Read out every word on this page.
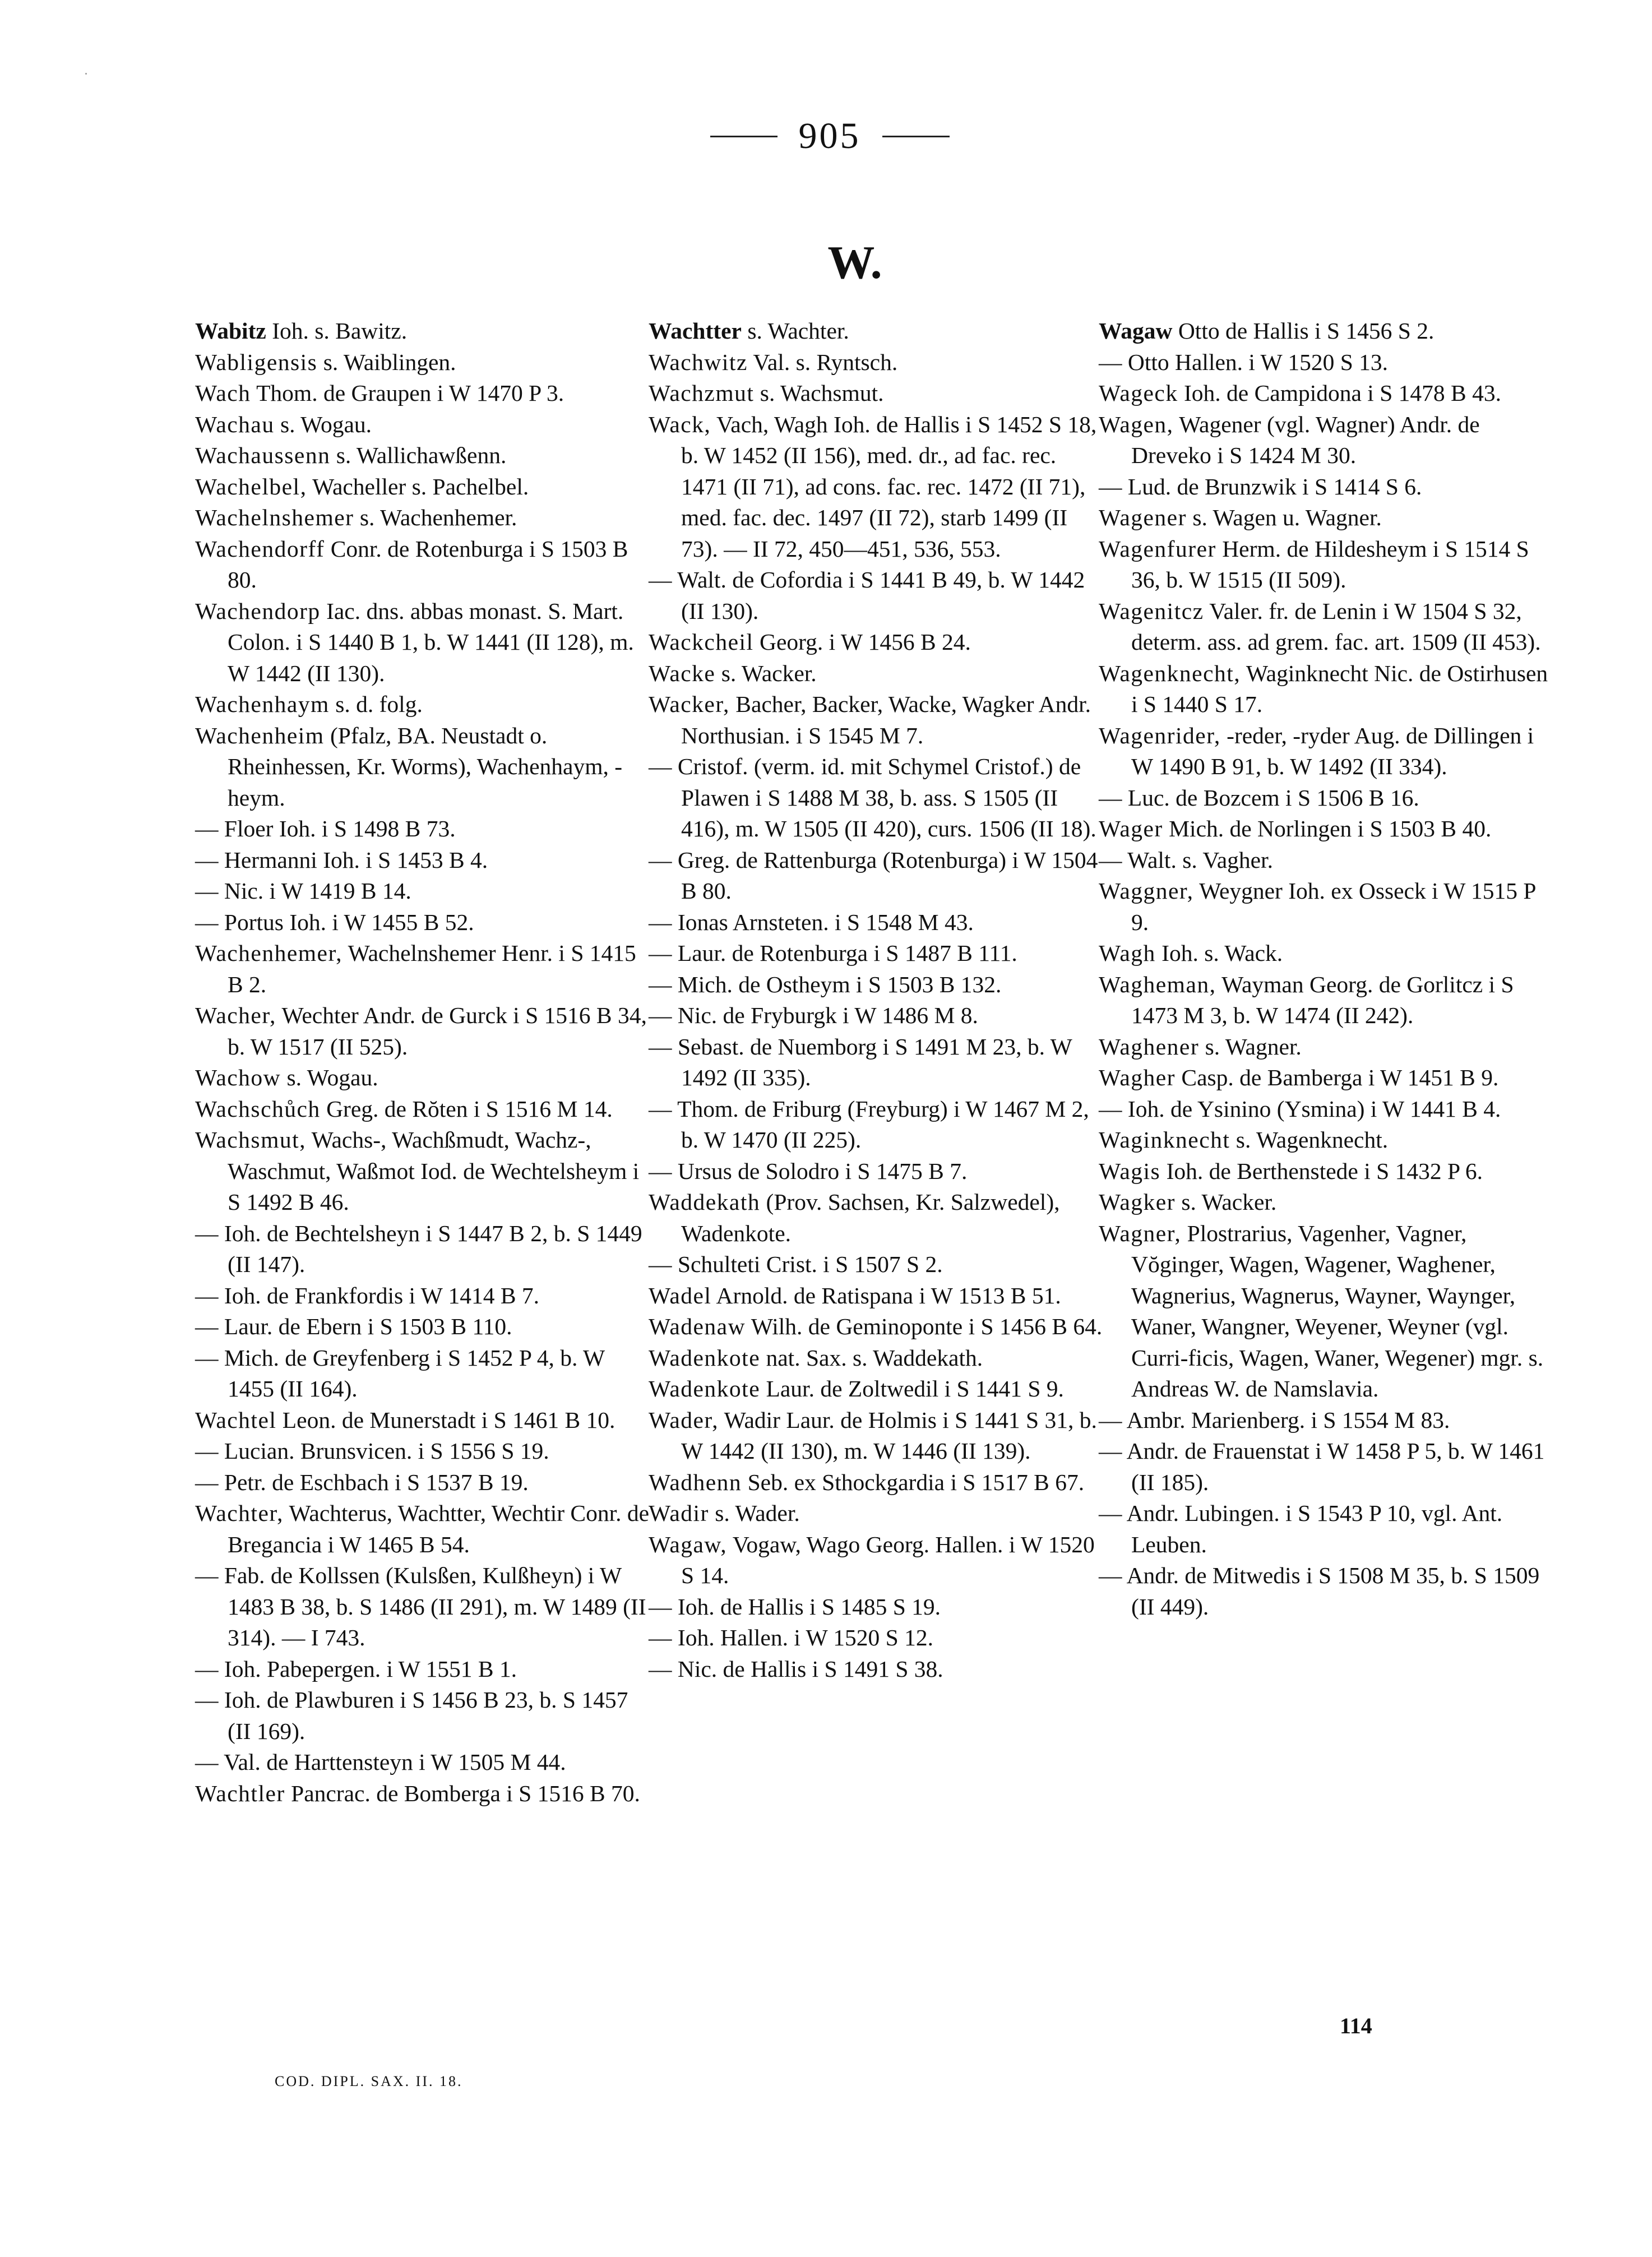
905
W.

Wabitz Ioh. s. Bawitz.

Wabligensis s. Waiblingen.

Wach Thom. de Graupen i W 1470 P 3.

Wachau s. Wogau.

Wachaussenn s. Wallichawßenn.

Wachelbel, Wacheller s. Pachelbel.

Wachelnshemer s. Wachenhemer.

Wachendorff Conr. de Rotenburga i S 1503 B 80.

Wachendorp Iac. dns. abbas monast. S. Mart. Colon. i S 1440 B 1, b. W 1441 (II 128), m. W 1442 (II 130).

Wachenhaym s. d. folg.

Wachenheim (Pfalz, BA. Neustadt o. Rheinhessen, Kr. Worms), Wachenhaym, -heym.

— Floer Ioh. i S 1498 B 73.

— Hermanni Ioh. i S 1453 B 4.

— Nic. i W 1419 B 14.

— Portus Ioh. i W 1455 B 52.

Wachenhemer, Wachelnshemer Henr. i S 1415 B 2.

Wacher, Wechter Andr. de Gurck i S 1516 B 34, b. W 1517 (II 525).

Wachow s. Wogau.

Wachschůch Greg. de Rŏten i S 1516 M 14.

Wachsmut, Wachs-, Wachßmudt, Wachz-, Waschmut, Waßmot Iod. de Wechtelsheym i S 1492 B 46.

— Ioh. de Bechtelsheyn i S 1447 B 2, b. S 1449 (II 147).

— Ioh. de Frankfordis i W 1414 B 7.

— Laur. de Ebern i S 1503 B 110.

— Mich. de Greyfenberg i S 1452 P 4, b. W 1455 (II 164).

Wachtel Leon. de Munerstadt i S 1461 B 10.

— Lucian. Brunsvicen. i S 1556 S 19.

— Petr. de Eschbach i S 1537 B 19.

Wachter, Wachterus, Wachtter, Wechtir Conr. de Bregancia i W 1465 B 54.

— Fab. de Kollssen (Kulsßen, Kulßheyn) i W 1483 B 38, b. S 1486 (II 291), m. W 1489 (II 314). — I 743.

— Ioh. Pabepergen. i W 1551 B 1.

— Ioh. de Plawburen i S 1456 B 23, b. S 1457 (II 169).

— Val. de Harttensteyn i W 1505 M 44.

Wachtler Pancrac. de Bomberga i S 1516 B 70.

Wachtter s. Wachter.

Wachwitz Val. s. Ryntsch.

Wachzmut s. Wachsmut.

Wack, Vach, Wagh Ioh. de Hallis i S 1452 S 18, b. W 1452 (II 156), med. dr., ad fac. rec. 1471 (II 71), ad cons. fac. rec. 1472 (II 71), med. fac. dec. 1497 (II 72), starb 1499 (II 73). — II 72, 450—451, 536, 553.

— Walt. de Cofordia i S 1441 B 49, b. W 1442 (II 130).

Wackcheil Georg. i W 1456 B 24.

Wacke s. Wacker.

Wacker, Bacher, Backer, Wacke, Wagker Andr. Northusian. i S 1545 M 7.

— Cristof. (verm. id. mit Schymel Cristof.) de Plawen i S 1488 M 38, b. ass. S 1505 (II 416), m. W 1505 (II 420), curs. 1506 (II 18).

— Greg. de Rattenburga (Rotenburga) i W 1504 B 80.

— Ionas Arnsteten. i S 1548 M 43.

— Laur. de Rotenburga i S 1487 B 111.

— Mich. de Ostheym i S 1503 B 132.

— Nic. de Fryburgk i W 1486 M 8.

— Sebast. de Nuemborg i S 1491 M 23, b. W 1492 (II 335).

— Thom. de Friburg (Freyburg) i W 1467 M 2, b. W 1470 (II 225).

— Ursus de Solodro i S 1475 B 7.

Waddekath (Prov. Sachsen, Kr. Salzwedel), Wadenkote.

— Schulteti Crist. i S 1507 S 2.

Wadel Arnold. de Ratispana i W 1513 B 51.

Wadenaw Wilh. de Geminoponte i S 1456 B 64.

Wadenkote nat. Sax. s. Waddekath.

Wadenkote Laur. de Zoltwedil i S 1441 S 9.

Wader, Wadir Laur. de Holmis i S 1441 S 31, b. W 1442 (II 130), m. W 1446 (II 139).

Wadhenn Seb. ex Sthockgardia i S 1517 B 67.

Wadir s. Wader.

Wagaw, Vogaw, Wago Georg. Hallen. i W 1520 S 14.

— Ioh. de Hallis i S 1485 S 19.

— Ioh. Hallen. i W 1520 S 12.

— Nic. de Hallis i S 1491 S 38.

Wagaw Otto de Hallis i S 1456 S 2.

— Otto Hallen. i W 1520 S 13.

Wageck Ioh. de Campidona i S 1478 B 43.

Wagen, Wagener (vgl. Wagner) Andr. de Dreveko i S 1424 M 30.

— Lud. de Brunzwik i S 1414 S 6.

Wagener s. Wagen u. Wagner.

Wagenfurer Herm. de Hildesheym i S 1514 S 36, b. W 1515 (II 509).

Wagenitcz Valer. fr. de Lenin i W 1504 S 32, determ. ass. ad grem. fac. art. 1509 (II 453).

Wagenknecht, Waginknecht Nic. de Ostirhusen i S 1440 S 17.

Wagenrider, -reder, -ryder Aug. de Dillingen i W 1490 B 91, b. W 1492 (II 334).

— Luc. de Bozcem i S 1506 B 16.

Wager Mich. de Norlingen i S 1503 B 40.

— Walt. s. Vagher.

Waggner, Weygner Ioh. ex Osseck i W 1515 P 9.

Wagh Ioh. s. Wack.

Wagheman, Wayman Georg. de Gorlitcz i S 1473 M 3, b. W 1474 (II 242).

Waghener s. Wagner.

Wagher Casp. de Bamberga i W 1451 B 9.

— Ioh. de Ysinino (Ysmina) i W 1441 B 4.

Waginknecht s. Wagenknecht.

Wagis Ioh. de Berthenstede i S 1432 P 6.

Wagker s. Wacker.

Wagner, Plostrarius, Vagenher, Vagner, Vŏginger, Wagen, Wagener, Waghener, Wagnerius, Wagnerus, Wayner, Waynger, Waner, Wangner, Weyener, Weyner (vgl. Curri-ficis, Wagen, Waner, Wegener) mgr. s. Andreas W. de Namslavia.

— Ambr. Marienberg. i S 1554 M 83.

— Andr. de Frauenstat i W 1458 P 5, b. W 1461 (II 185).

— Andr. Lubingen. i S 1543 P 10, vgl. Ant. Leuben.

— Andr. de Mitwedis i S 1508 M 35, b. S 1509 (II 449).

COD. DIPL. SAX. II. 18.
114
